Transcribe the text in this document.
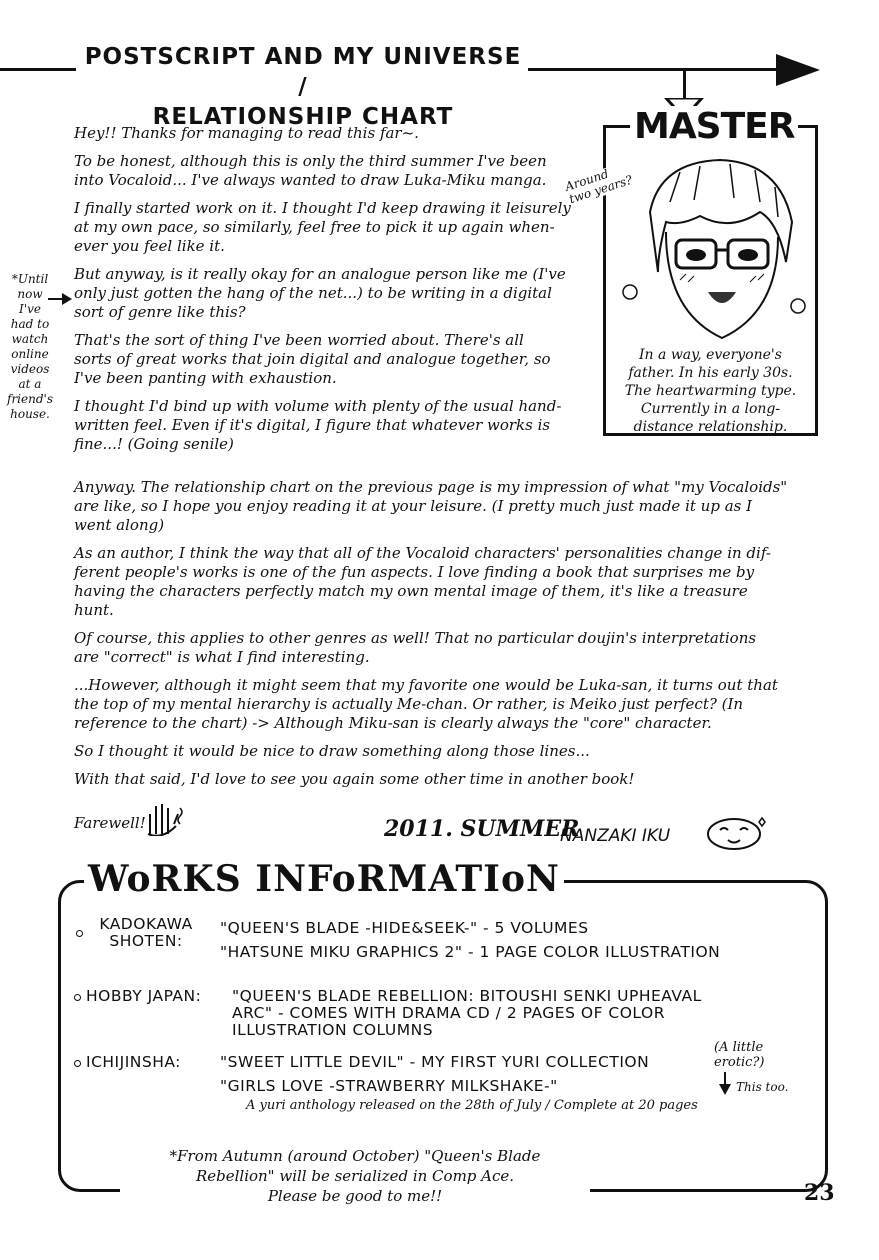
POSTSCRIPT AND MY UNIVERSE /
RELATIONSHIP CHART	MASTER
In a way, everyone's
father. In his early 30s.
The heartwarming type.
Currently in a long-
distance relationship.
Around two years?
*Until
now
I've
had to
watch
online
videos
at a
friend's
house.
Hey!! Thanks for managing to read this far~.
To be honest, although this is only the third summer I've been
into Vocaloid... I've always wanted to draw Luka-Miku manga.
I finally started work on it. I thought I'd keep drawing it leisurely
at my own pace, so similarly, feel free to pick it up again when-
ever you feel like it.
But anyway, is it really okay for an analogue person like me (I've
only just gotten the hang of the net...) to be writing in a digital
sort of genre like this?
That's the sort of thing I've been worried about. There's all
sorts of great works that join digital and analogue together, so
I've been panting with exhaustion.
I thought I'd bind up with volume with plenty of the usual hand-
written feel. Even if it's digital, I figure that whatever works is
fine...! (Going senile)
Anyway. The relationship chart on the previous page is my impression of what "my Vocaloids"
are like, so I hope you enjoy reading it at your leisure. (I pretty much just made it up as I
went along)
As an author, I think the way that all of the Vocaloid characters' personalities change in dif-
ferent people's works is one of the fun aspects. I love finding a book that surprises me by
having the characters perfectly match my own mental image of them, it's like a treasure
hunt.
Of course, this applies to other genres as well! That no particular doujin's interpretations
are "correct" is what I find interesting.
...However, although it might seem that my favorite one would be Luka-san, it turns out that
the top of my mental hierarchy is actually Me-chan. Or rather, is Meiko just perfect? (In
reference to the chart) -> Although Miku-san is clearly always the "core" character.
So I thought it would be nice to draw something along those lines...
With that said, I'd love to see you again some other time in another book!
Farewell!	2011. SUMMER
NANZAKI IKU
WoRKS INFoRMATIoN
KADOKAWA
SHOTEN:
"QUEEN'S BLADE -HIDE&SEEK-" - 5 VOLUMES
"HATSUNE MIKU GRAPHICS 2" - 1 PAGE COLOR ILLUSTRATION
HOBBY JAPAN: "QUEEN'S BLADE REBELLION: BITOUSHI SENKI UPHEAVAL
ARC" - COMES WITH DRAMA CD / 2 PAGES OF COLOR
ILLUSTRATION COLUMNS
ICHIJINSHA:	"SWEET LITTLE DEVIL" - MY FIRST YURI COLLECTION
(A little
erotic?)
"GIRLS LOVE -STRAWBERRY MILKSHAKE-"	This too.
A yuri anthology released on the 28th of July / Complete at 20 pages
*From Autumn (around October) "Queen's Blade
Rebellion" will be serialized in Comp Ace.
Please be good to me!!	23
